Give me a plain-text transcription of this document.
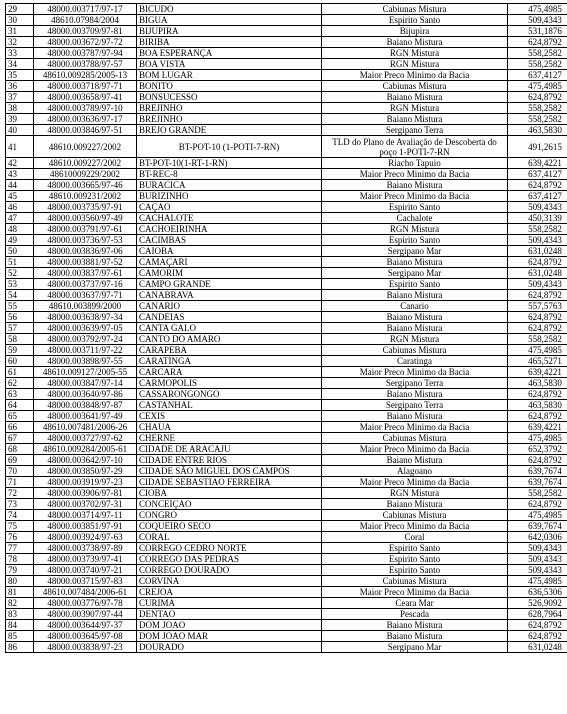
29	48000.003717/97-17	BICUDO	Cabiunas Mistura	475,4985
30	48610.07984/2004	BIGUA	Espirito Santo	509,4343
31	48000.003709/97-81	BIJUPIRA	Bijupira	531,1876
32	48000.003672/97-72	BIRIBA	Baiano Mistura	624,8792
33	48000.003787/97-94	BOA ESPERANÇA	RGN Mistura	558,2582
34	48000.003788/97-57	BOA VISTA	RGN Mistura	558,2582
35	48610.009285/2005-13	BOM LUGAR	Maior Preco Minimo da Bacia	637,4127
36	48000.003718/97-71	BONITO	Cabiunas Mistura	475,4985
37	48000.003658/97-41	BONSUCESSO	Baiano Mistura	624,8792
38	48000.003789/97-10	BREJINHO	RGN Mistura	558,2582
39	48000.003636/97-17	BREJINHO	Baiano Mistura	558,2582
40	48000.003846/97-51	BREJO GRANDE	Sergipano Terra	463,5830
41	48610.009227/2002	BT-POT-10 (1-POTI-7-RN)	TLD do Plano de Avaliação de Descoberta do poço 1-POTI-7-RN	491,2615
42	48610.009227/2002	BT-POT-10(1-RT-1-RN)	Riacho Tapuio	639,4221
43	48610009229/2002	BT-REC-8	Maior Preco Minimo da Bacia	637,4127
44	48000.003665/97-46	BURACICA	Baiano Mistura	624,8792
45	48610.009231/2002	BURIZINHO	Maior Preco Minimo da Bacia	637,4127
46	48000.003735/97-91	CAÇAO	Espirito Santo	509,4343
47	48000.003560/97-49	CACHALOTE	Cachalote	450,3139
48	48000.003791/97-61	CACHOEIRINHA	RGN Mistura	558,2582
49	48000.003736/97-53	CACIMBAS	Espirito Santo	509,4343
50	48000.003836/97-06	CAIOBA	Sergipano Mar	631,0248
51	48000.003881/97-52	CAMAÇARI	Baiano Mistura	624,8792
52	48000.003837/97-61	CAMORIM	Sergipano Mar	631,0248
53	48000.003737/97-16	CAMPO GRANDE	Espirito Santo	509,4343
54	48000.003637/97-71	CANABRAVA	Baiano Mistura	624,8792
55	48610.003899/2000	CANARIO	Canario	557,5763
56	48000.003638/97-34	CANDEIAS	Baiano Mistura	624,8792
57	48000.003639/97-05	CANTA GALO	Baiano Mistura	624,8792
58	48000.003792/97-24	CANTO DO AMARO	RGN Mistura	558,2582
59	48000.003711/97-22	CARAPEBA	Cabiunas Mistura	475,4985
60	48000.003898/97-55	CARATINGA	Caratinga	465,5271
61	48610.009127/2005-55	CARCARA	Maior Preco Minimo da Bacia	639,4221
62	48000.003847/97-14	CARMOPOLIS	Sergipano Terra	463,5830
63	48000.003640/97-86	CASSARONGONGO	Baiano Mistura	624,8792
64	48000.003848/97-87	CASTANHAL	Sergipano Terra	463,5830
65	48000.003641/97-49	CEXIS	Baiano Mistura	624,8792
66	48610.007481/2006-26	CHAUA	Maior Preco Minimo da Bacia	639,4221
67	48000.003727/97-62	CHERNE	Cabiunas Mistura	475,4985
68	48610.009284/2005-61	CIDADE DE ARACAJU	Maior Preco Minimo da Bacia	652,3792
69	48000.003642/97-10	CIDADE ENTRE RIOS	Baiano Mistura	624,8792
70	48000.003850/97-29	CIDADE SÃO MIGUEL DOS CAMPOS	Alagoano	639,7674
71	48000.003919/97-23	CIDADE SEBASTIAO FERREIRA	Maior Preco Minimo da Bacia	639,7674
72	48000.003906/97-81	CIOBA	RGN Mistura	558,2582
73	48000.003702/97-31	CONCEIÇAO	Baiano Mistura	624,8792
74	48000.003714/97-11	CONGRO	Cabiunas Mistura	475,4985
75	48000.003851/97-91	COQUEIRO SECO	Maior Preco Minimo da Bacia	639,7674
76	48000.003924/97-63	CORAL	Coral	642,0306
77	48000.003738/97-89	CORREGO CEDRO NORTE	Espirito Santo	509,4343
78	48000.003739/97-41	CORREGO DAS PEDRAS	Espirito Santo	509,4343
79	48000.003740/97-21	CORREGO DOURADO	Espirito Santo	509,4343
80	48000.003715/97-83	CORVINA	Cabiunas Mistura	475,4985
81	48610.007484/2006-61	CREJOA	Maior Preco Minimo da Bacia	636,5306
82	48000.003776/97-78	CURIMA	Ceara Mar	526,9092
83	48000.003907/97-44	DENTAO	Pescada	628,7964
84	48000.003644/97-37	DOM JOAO	Baiano Mistura	624,8792
85	48000.003645/97-08	DOM JOAO MAR	Baiano Mistura	624,8792
86	48000.003838/97-23	DOURADO	Sergipano Mar	631,0248
